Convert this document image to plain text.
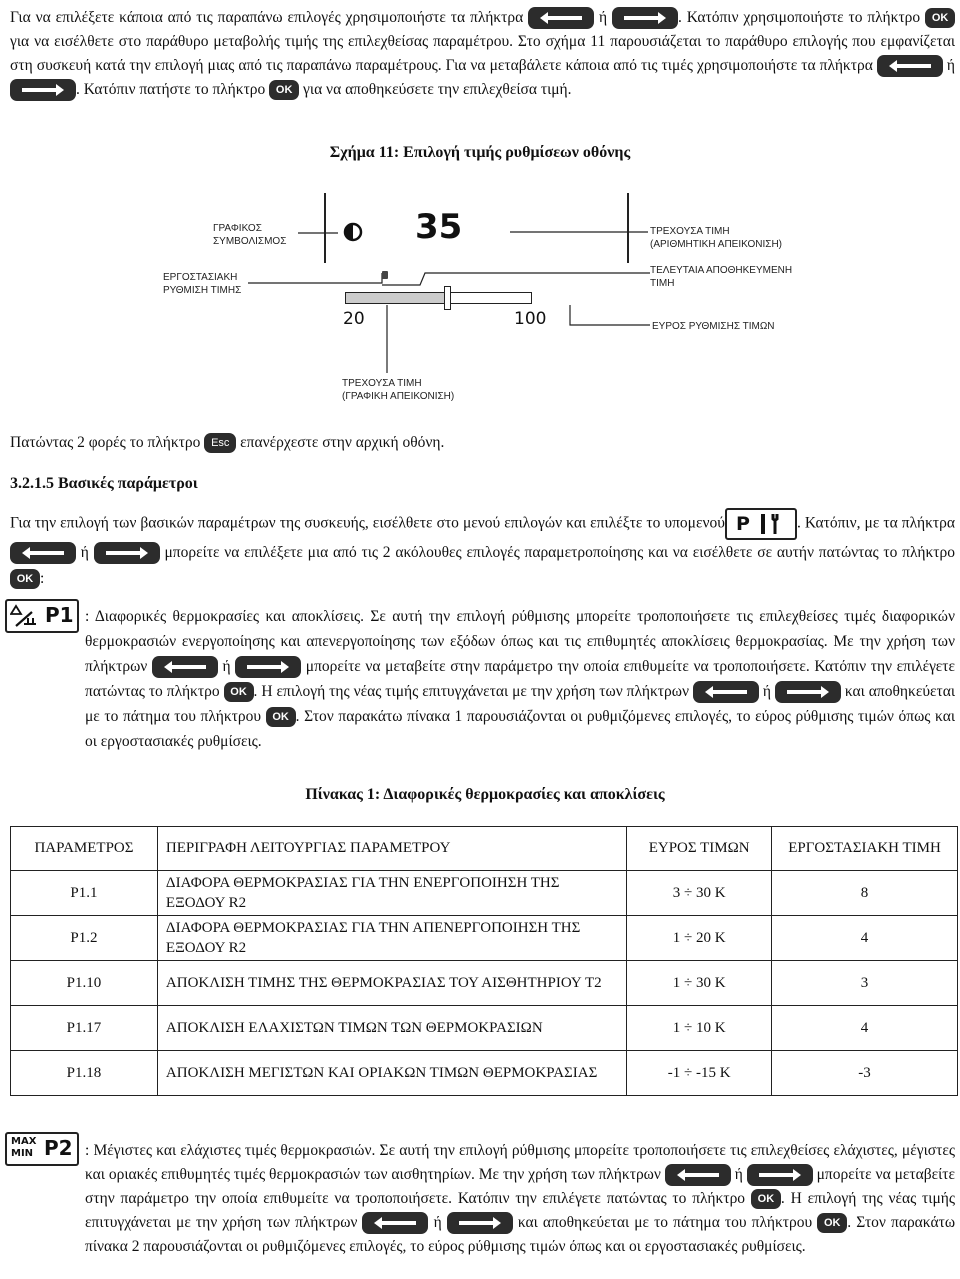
Για να επιλέξετε κάποια από τις παραπάνω επιλογές χρησιμοποιήστε τα πλήκτρα	ή	. Κατόπιν χρησιμοποιήστε το πλήκτρο OK για να εισέλθετε στο παράθυρο μεταβολής τιμής της επιλεχθείσας παραμέτρου. Στο σχήμα 11 παρουσιάζεται το παράθυρο επιλογής που εμφανίζεται στη συσκευή κατά την επιλογή μιας από τις παραπάνω παραμέτρους. Για να μεταβάλετε κάποια από τις τιμές χρησιμοποιήστε τα πλήκτρα	ή
. Κατόπιν πατήστε το πλήκτρο OK για να αποθηκεύσετε την επιλεχθείσα τιμή.

Σχήμα 11: Επιλογή τιμής ρυθμίσεων οθόνης
35
20	100
ΓΡΑΦΙΚΟΣ
ΣΥΜΒΟΛΙΣΜΟΣ
ΕΡΓΟΣΤΑΣΙΑΚΗ
ΡΥΘΜΙΣΗ ΤΙΜΗΣ
ΤΡΕΧΟΥΣΑ ΤΙΜΗ
(ΑΡΙΘΜΗΤΙΚΗ ΑΠΕΙΚΟΝΙΣΗ)
ΤΕΛΕΥΤΑΙΑ ΑΠΟΘΗΚΕΥΜΕΝΗ
ΤΙΜΗ
ΕΥΡΟΣ ΡΥΘΜΙΣΗΣ ΤΙΜΩΝ
ΤΡΕΧΟΥΣΑ ΤΙΜΗ
(ΓΡΑΦΙΚΗ ΑΠΕΙΚΟΝΙΣΗ)

Πατώντας 2 φορές το πλήκτρο Esc επανέρχεστε στην αρχική οθόνη.

3.2.1.5 Βασικές παράμετροι

Για την επιλογή των βασικών παραμέτρων της συσκευής, εισέλθετε στο μενού επιλογών και επιλέξτε το υπομενού P	. Κατόπιν, με τα πλήκτρα
ή	μπορείτε να επιλέξετε μια από τις 2 ακόλουθες επιλογές παραμετροποίησης και να εισέλθετε σε αυτήν πατώντας το πλήκτρο OK :

P1 : Διαφορικές θερμοκρασίες και αποκλίσεις. Σε αυτή την επιλογή ρύθμισης μπορείτε τροποποιήσετε τις επιλεχθείσες τιμές διαφορικών θερμοκρασιών ενεργοποίησης και απενεργοποίησης των εξόδων όπως και τις επιθυμητές αποκλίσεις θερμοκρασίας. Με την χρήση των πλήκτρων	ή	μπορείτε να μεταβείτε στην παράμετρο την οποία επιθυμείτε να τροποποιήσετε. Κατόπιν την επιλέγετε πατώντας το πλήκτρο OK . Η επιλογή της νέας τιμής επιτυγχάνεται με την χρήση των πλήκτρων	ή	και αποθηκεύεται με το πάτημα του πλήκτρου OK . Στον παρακάτω πίνακα 1 παρουσιάζονται οι ρυθμιζόμενες επιλογές, το εύρος ρύθμισης τιμών όπως και οι εργοστασιακές ρυθμίσεις.

Πίνακας 1: Διαφορικές θερμοκρασίες και αποκλίσεις
ΠΑΡΑΜΕΤΡΟΣ	ΠΕΡΙΓΡΑΦΗ ΛΕΙΤΟΥΡΓΙΑΣ ΠΑΡΑΜΕΤΡΟΥ	ΕΥΡΟΣ ΤΙΜΩΝ	ΕΡΓΟΣΤΑΣΙΑΚΗ ΤΙΜΗ
P1.1	ΔΙΑΦΟΡΑ ΘΕΡΜΟΚΡΑΣΙΑΣ ΓΙΑ ΤΗΝ ΕΝΕΡΓΟΠΟΙΗΣΗ ΤΗΣ ΕΞΟΔΟΥ R2	3 ÷ 30 K	8
P1.2	ΔΙΑΦΟΡΑ ΘΕΡΜΟΚΡΑΣΙΑΣ ΓΙΑ ΤΗΝ ΑΠΕΝΕΡΓΟΠΟΙΗΣΗ ΤΗΣ ΕΞΟΔΟΥ R2	1 ÷ 20 K	4
P1.10	ΑΠΟΚΛΙΣΗ ΤΙΜΗΣ ΤΗΣ ΘΕΡΜΟΚΡΑΣΙΑΣ ΤΟΥ ΑΙΣΘΗΤΗΡΙΟΥ T2	1 ÷ 30 K	3
P1.17	ΑΠΟΚΛΙΣΗ ΕΛΑΧΙΣΤΩΝ ΤΙΜΩΝ ΤΩΝ ΘΕΡΜΟΚΡΑΣΙΩΝ	1 ÷ 10 K	4
P1.18	ΑΠΟΚΛΙΣΗ ΜΕΓΙΣΤΩΝ ΚΑΙ ΟΡΙΑΚΩΝ ΤΙΜΩΝ ΘΕΡΜΟΚΡΑΣΙΑΣ	-1 ÷ -15 K	-3
MAX
MIN P2 : Μέγιστες και ελάχιστες τιμές θερμοκρασιών. Σε αυτή την επιλογή ρύθμισης μπορείτε τροποποιήσετε τις επιλεχθείσες ελάχιστες, μέγιστες και οριακές επιθυμητές τιμές θερμοκρασιών των αισθητηρίων. Με την χρήση των πλήκτρων	ή	μπορείτε να μεταβείτε στην παράμετρο την οποία επιθυμείτε να τροποποιήσετε. Κατόπιν την επιλέγετε πατώντας το πλήκτρο OK . Η επιλογή της νέας τιμής επιτυγχάνεται με την χρήση των πλήκτρων	ή	και αποθηκεύεται με το πάτημα του πλήκτρου OK . Στον παρακάτω πίνακα 2 παρουσιάζονται οι ρυθμιζόμενες επιλογές, το εύρος ρύθμισης τιμών όπως και οι εργοστασιακές ρυθμίσεις.
